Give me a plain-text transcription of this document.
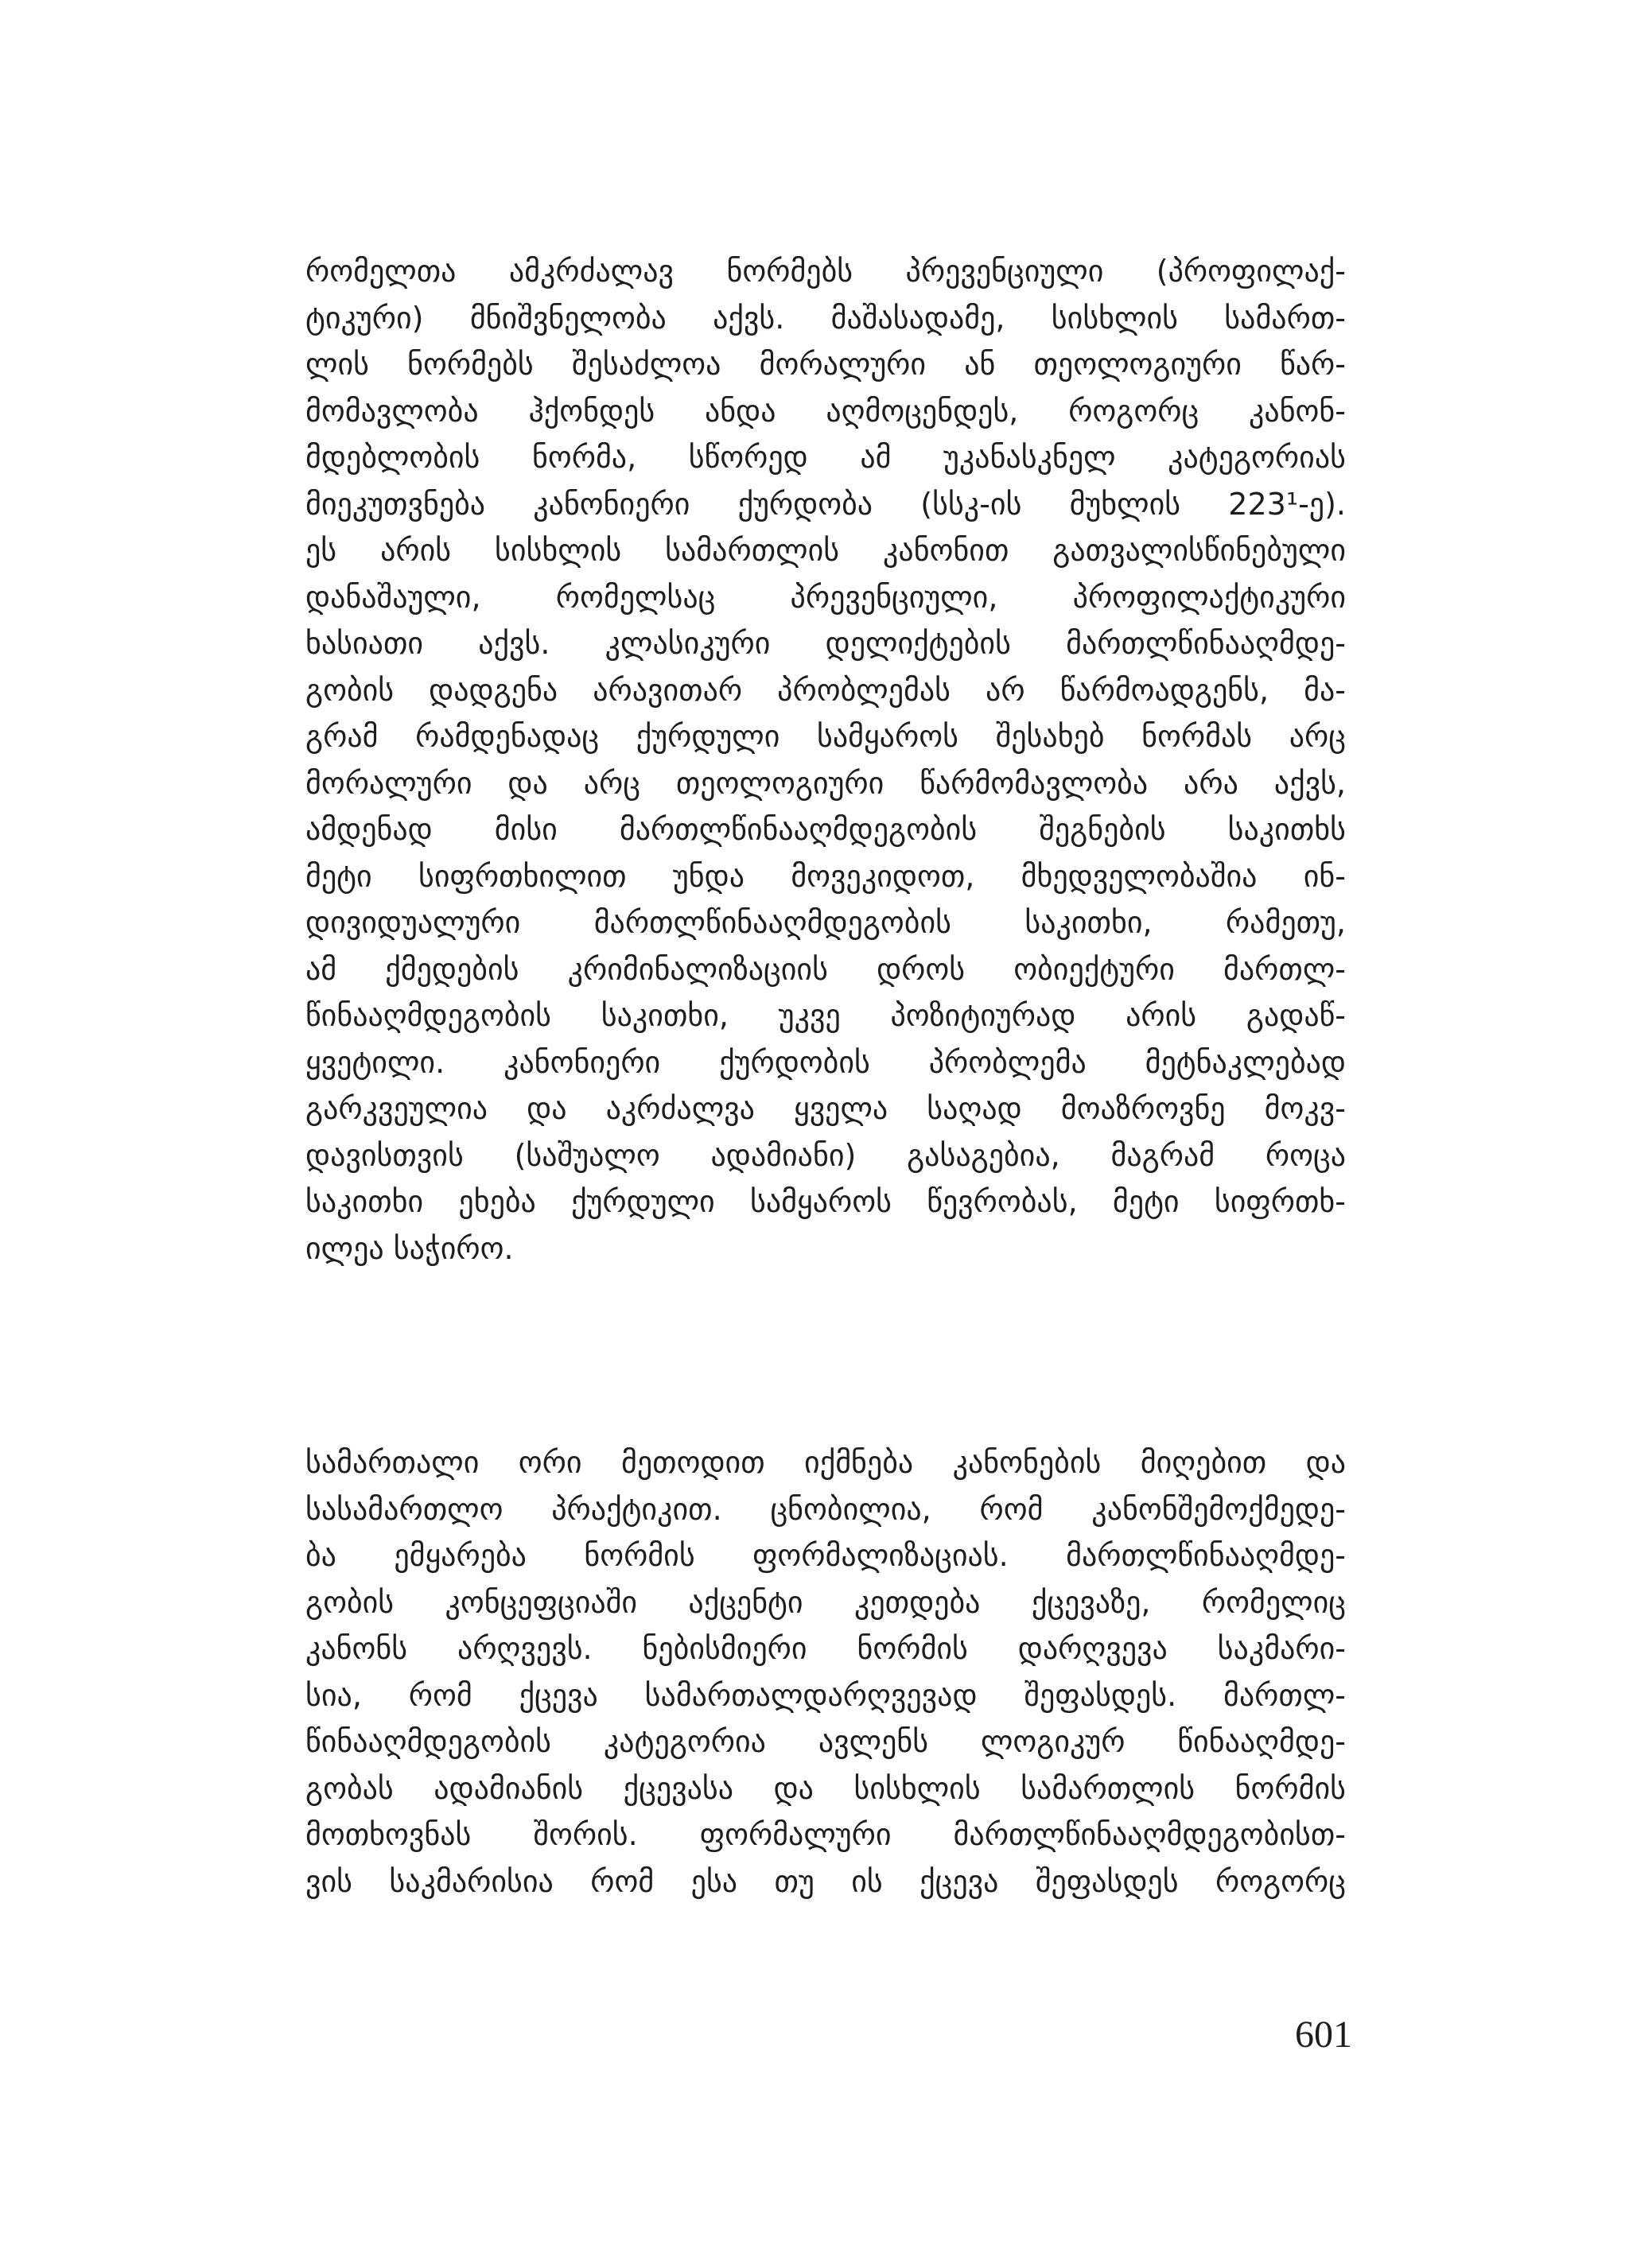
რომელთა ამკრძალავ ნორმებს პრევენციული (პროფილაქ-
ტიკური) მნიშვნელობა აქვს. მაშასადამე, სისხლის სამართ-
ლის ნორმებს შესაძლოა მორალური ან თეოლოგიური წარ-
მომავლობა ჰქონდეს ანდა აღმოცენდეს, როგორც კანონ-
მდებლობის ნორმა, სწორედ ამ უკანასკნელ კატეგორიას
მიეკუთვნება კანონიერი ქურდობა (სსკ-ის მუხლის 223¹-ე).
ეს არის სისხლის სამართლის კანონით გათვალისწინებული
დანაშაული, რომელსაც პრევენციული, პროფილაქტიკური
ხასიათი აქვს. კლასიკური დელიქტების მართლწინააღმდე-
გობის დადგენა არავითარ პრობლემას არ წარმოადგენს, მა-
გრამ რამდენადაც ქურდული სამყაროს შესახებ ნორმას არც
მორალური და არც თეოლოგიური წარმომავლობა არა აქვს,
ამდენად მისი მართლწინააღმდეგობის შეგნების საკითხს
მეტი სიფრთხილით უნდა მოვეკიდოთ, მხედველობაშია ინ-
დივიდუალური მართლწინააღმდეგობის საკითხი, რამეთუ,
ამ ქმედების კრიმინალიზაციის დროს ობიექტური მართლ-
წინააღმდეგობის საკითხი, უკვე პოზიტიურად არის გადაწ-
ყვეტილი. კანონიერი ქურდობის პრობლემა მეტნაკლებად
გარკვეულია და აკრძალვა ყველა საღად მოაზროვნე მოკვ-
დავისთვის (საშუალო ადამიანი) გასაგებია, მაგრამ როცა
საკითხი ეხება ქურდული სამყაროს წევრობას, მეტი სიფრთხ-
ილეა საჭირო.
სამართალი ორი მეთოდით იქმნება კანონების მიღებით და
სასამართლო პრაქტიკით. ცნობილია, რომ კანონშემოქმედე-
ბა ემყარება ნორმის ფორმალიზაციას. მართლწინააღმდე-
გობის კონცეფციაში აქცენტი კეთდება ქცევაზე, რომელიც
კანონს არღვევს. ნებისმიერი ნორმის დარღვევა საკმარი-
სია, რომ ქცევა სამართალდარღვევად შეფასდეს. მართლ-
წინააღმდეგობის კატეგორია ავლენს ლოგიკურ წინააღმდე-
გობას ადამიანის ქცევასა და სისხლის სამართლის ნორმის
მოთხოვნას შორის. ფორმალური მართლწინააღმდეგობისთ-
ვის საკმარისია რომ ესა თუ ის ქცევა შეფასდეს როგორც
601
